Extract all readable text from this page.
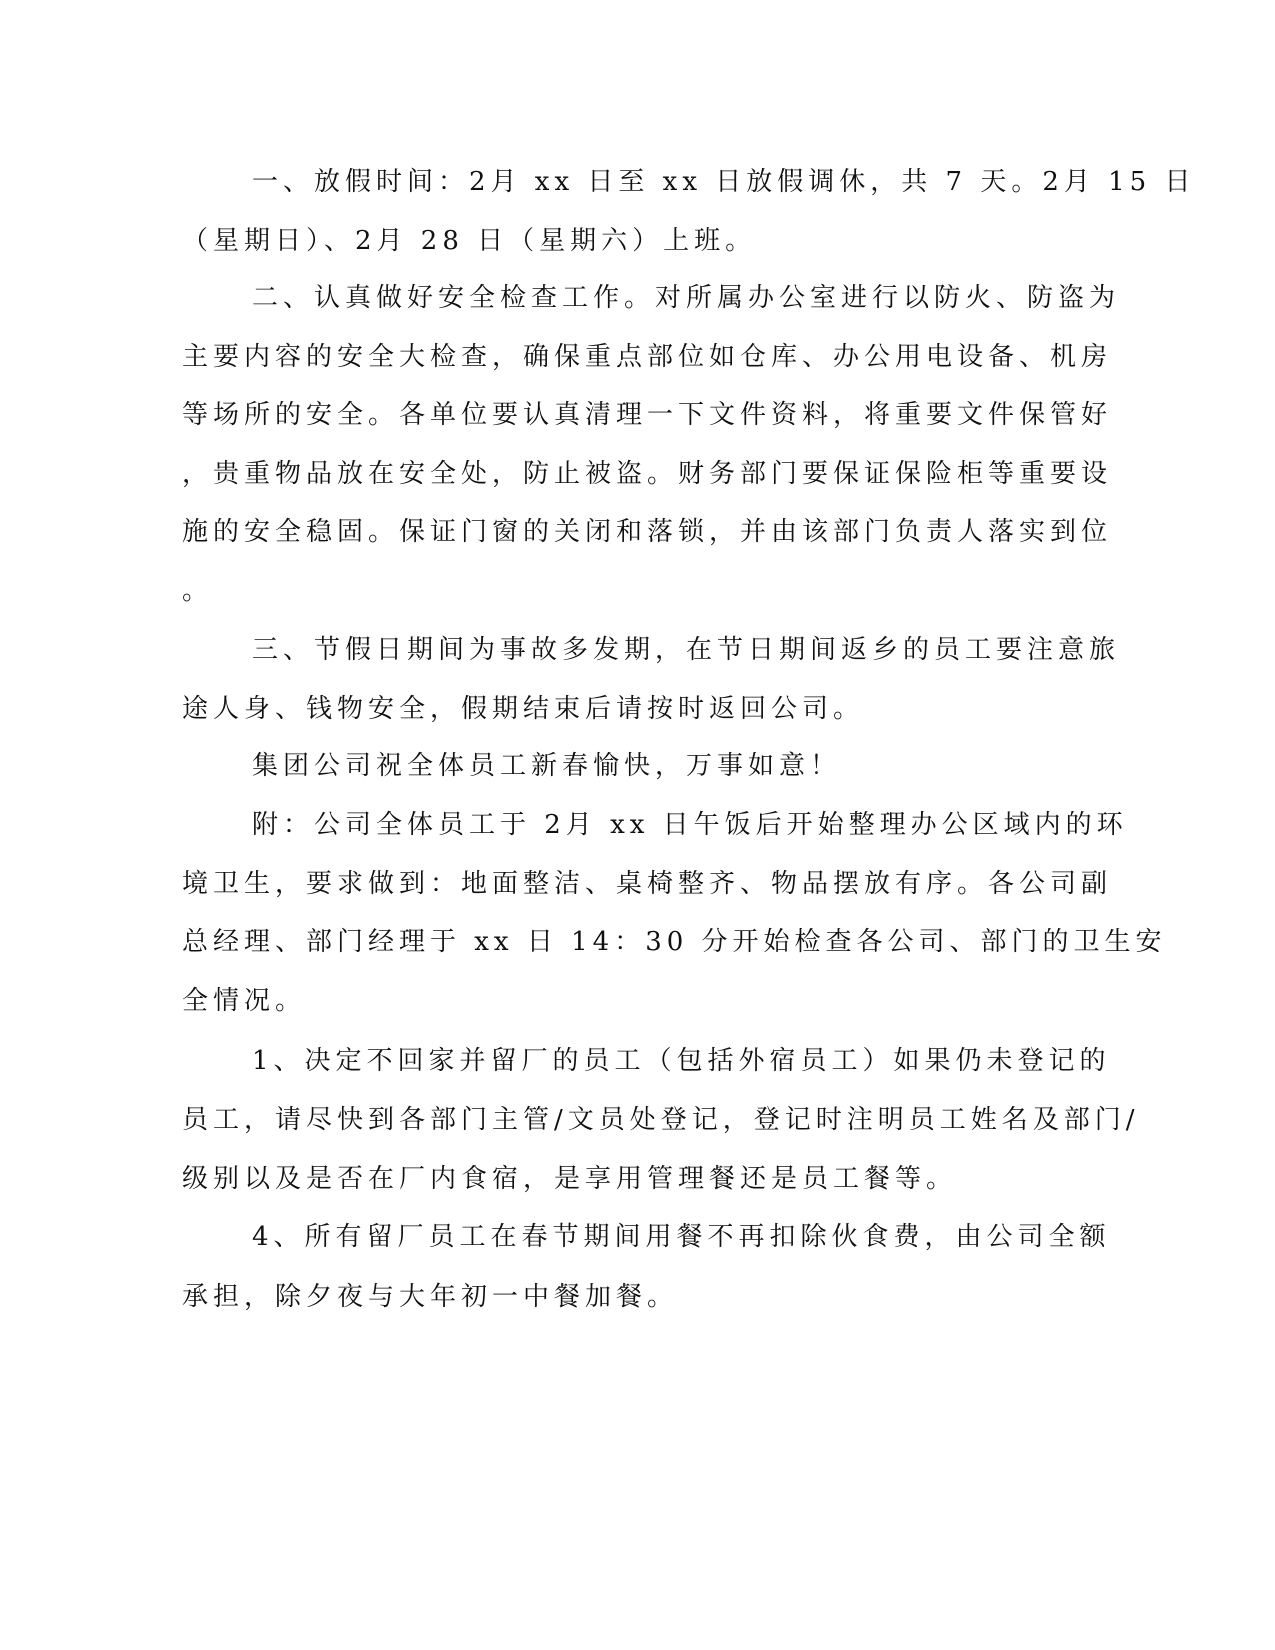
一、放假时间：2月 xx 日至 xx 日放假调休，共 7 天。2月 15 日

（星期日）、2月 28 日（星期六）上班。

二、认真做好安全检查工作。对所属办公室进行以防火、防盗为

主要内容的安全大检查，确保重点部位如仓库、办公用电设备、机房

等场所的安全。各单位要认真清理一下文件资料，将重要文件保管好

，贵重物品放在安全处，防止被盗。财务部门要保证保险柜等重要设

施的安全稳固。保证门窗的关闭和落锁，并由该部门负责人落实到位

。

三、节假日期间为事故多发期，在节日期间返乡的员工要注意旅

途人身、钱物安全，假期结束后请按时返回公司。

集团公司祝全体员工新春愉快，万事如意！

附：公司全体员工于 2月 xx 日午饭后开始整理办公区域内的环

境卫生，要求做到：地面整洁、桌椅整齐、物品摆放有序。各公司副

总经理、部门经理于 xx 日 14：30 分开始检查各公司、部门的卫生安

全情况。

1、决定不回家并留厂的员工（包括外宿员工）如果仍未登记的

员工，请尽快到各部门主管/文员处登记，登记时注明员工姓名及部门/

级别以及是否在厂内食宿，是享用管理餐还是员工餐等。

4、所有留厂员工在春节期间用餐不再扣除伙食费，由公司全额

承担，除夕夜与大年初一中餐加餐。
